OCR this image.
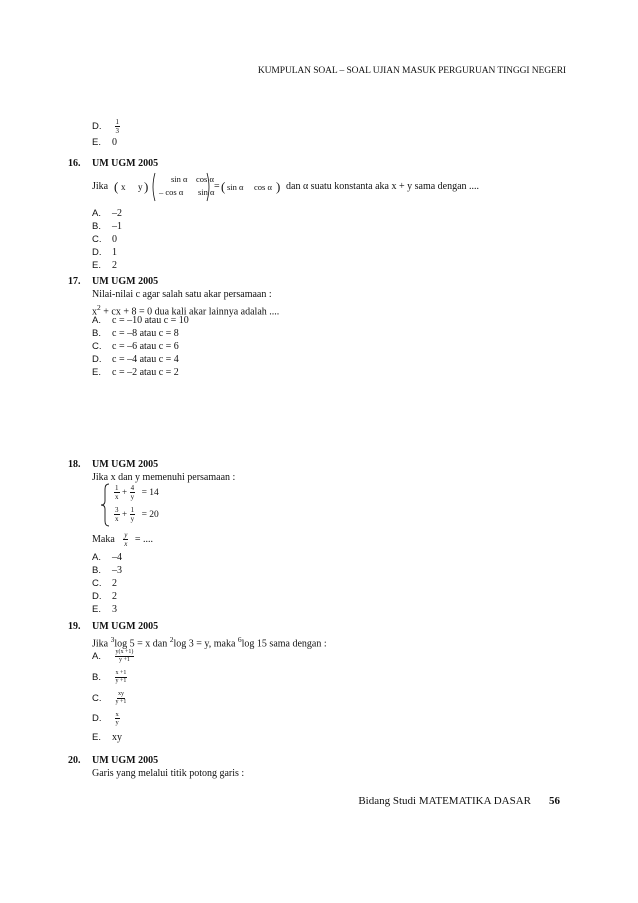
KUMPULAN SOAL – SOAL UJIAN MASUK PERGURUAN TINGGI NEGERI
D. $\frac{1}{3}$
E. 0
16. UM UGM 2005
Jika ( x y )	sin α cos α
– cos α sin α = ( sin α cos α ) dan α suatu konstanta aka x + y sama dengan ....
A. –2
B. –1
C. 0
D. 1
E. 2
17. UM UGM 2005
Nilai-nilai c agar salah satu akar persamaan :
$x^2$ + cx + 8 = 0 dua kali akar lainnya adalah ....
A. c = –10 atau c = 10
B. c = –8 atau c = 8
C. c = –6 atau c = 6
D. c = –4 atau c = 4
E. c = –2 atau c = 2
18. UM UGM 2005
Jika x dan y memenuhi persamaan :
$\frac{1}{x} + \frac{4}{y} = 14$
$\frac{3}{x} + \frac{1}{y} = 20$
Maka $\frac{y}{x}$ = ....
A. –4
B. –3
C. 2
D. 2
E. 3
19. UM UGM 2005
Jika $^3$log 5 = x dan $^2$log 3 = y, maka $^6$log 15 sama dengan :
A. $\frac{y(x +1)}{y +1}$
B. $\frac{x +1}{y +1}$
C. $\frac{xy}{y +1}$
D. $\frac{x}{y}$
E. xy
20. UM UGM 2005
Garis yang melalui titik potong garis :
Bidang Studi MATEMATIKA DASAR 56
